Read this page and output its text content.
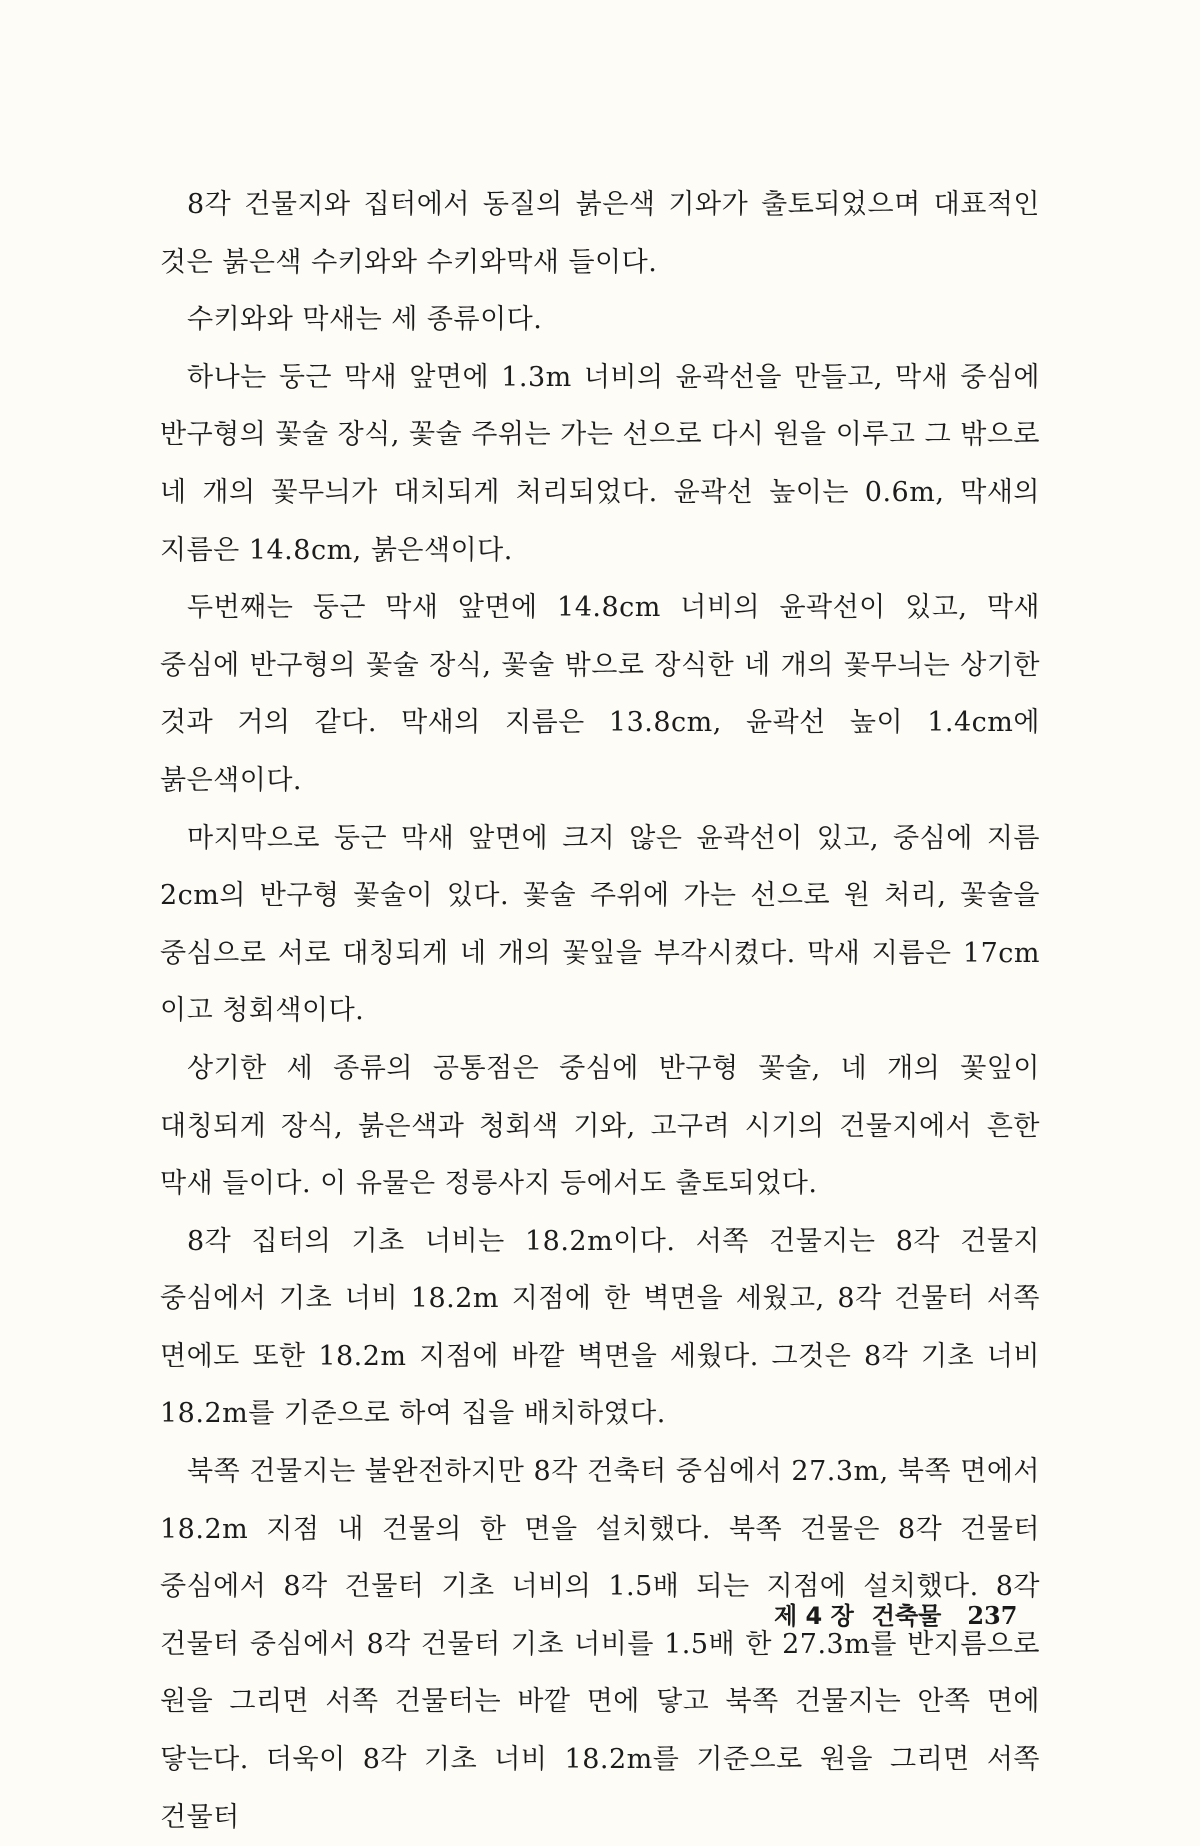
8각 건물지와 집터에서 동질의 붉은색 기와가 출토되었으며 대표적인 것은 붉은색 수키와와 수키와막새 들이다.

수키와와 막새는 세 종류이다.

하나는 둥근 막새 앞면에 1.3m 너비의 윤곽선을 만들고, 막새 중심에 반구형의 꽃술 장식, 꽃술 주위는 가는 선으로 다시 원을 이루고 그 밖으로 네 개의 꽃무늬가 대치되게 처리되었다. 윤곽선 높이는 0.6m, 막새의 지름은 14.8cm, 붉은색이다.

두번째는 둥근 막새 앞면에 14.8cm 너비의 윤곽선이 있고, 막새 중심에 반구형의 꽃술 장식, 꽃술 밖으로 장식한 네 개의 꽃무늬는 상기한 것과 거의 같다. 막새의 지름은 13.8cm, 윤곽선 높이 1.4cm에 붉은색이다.

마지막으로 둥근 막새 앞면에 크지 않은 윤곽선이 있고, 중심에 지름 2cm의 반구형 꽃술이 있다. 꽃술 주위에 가는 선으로 원 처리, 꽃술을 중심으로 서로 대칭되게 네 개의 꽃잎을 부각시켰다. 막새 지름은 17cm 이고 청회색이다.

상기한 세 종류의 공통점은 중심에 반구형 꽃술, 네 개의 꽃잎이 대칭되게 장식, 붉은색과 청회색 기와, 고구려 시기의 건물지에서 흔한 막새 들이다. 이 유물은 정릉사지 등에서도 출토되었다.

8각 집터의 기초 너비는 18.2m이다. 서쪽 건물지는 8각 건물지 중심에서 기초 너비 18.2m 지점에 한 벽면을 세웠고, 8각 건물터 서쪽 면에도 또한 18.2m 지점에 바깥 벽면을 세웠다. 그것은 8각 기초 너비 18.2m를 기준으로 하여 집을 배치하였다.

북쪽 건물지는 불완전하지만 8각 건축터 중심에서 27.3m, 북쪽 면에서 18.2m 지점 내 건물의 한 면을 설치했다. 북쪽 건물은 8각 건물터 중심에서 8각 건물터 기초 너비의 1.5배 되는 지점에 설치했다. 8각 건물터 중심에서 8각 건물터 기초 너비를 1.5배 한 27.3m를 반지름으로 원을 그리면 서쪽 건물터는 바깥 면에 닿고 북쪽 건물지는 안쪽 면에 닿는다. 더욱이 8각 기초 너비 18.2m를 기준으로 원을 그리면 서쪽 건물터

제 4 장 건축물 237
